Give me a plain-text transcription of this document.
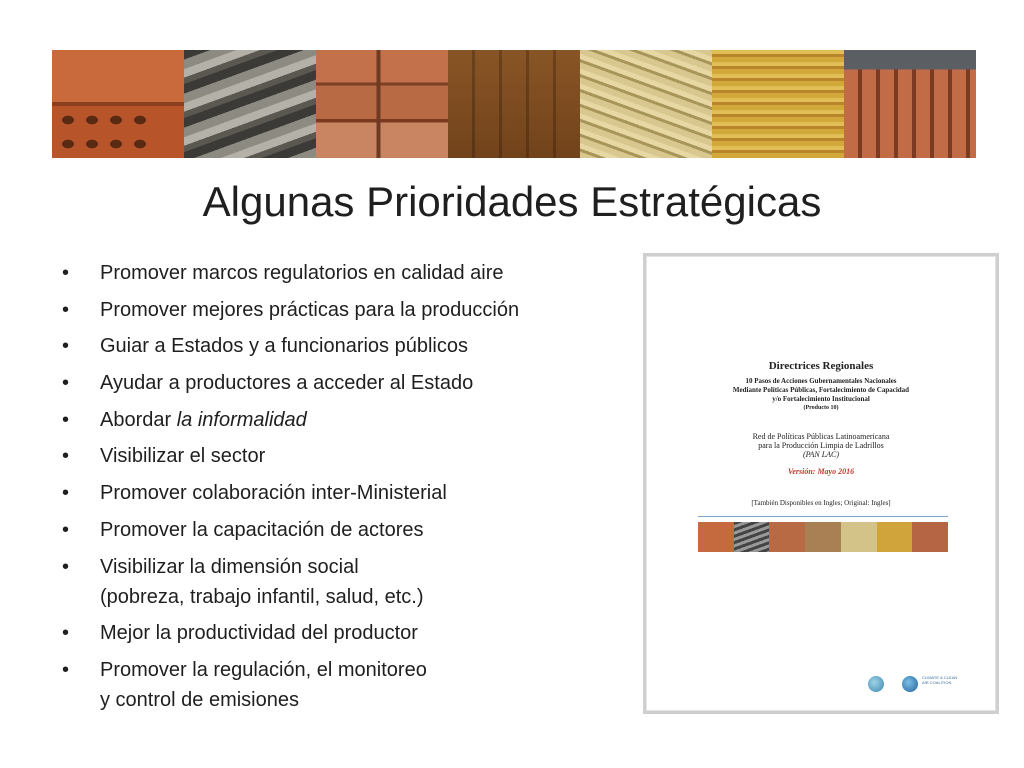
Algunas Prioridades Estratégicas
•	Promover marcos regulatorios en calidad aire
•	Promover mejores prácticas para la producción
•	Guiar a Estados y a funcionarios públicos
•	Ayudar a productores a acceder al Estado
•	Abordar la informalidad
•	Visibilizar el sector
•	Promover colaboración inter-Ministerial
•	Promover la capacitación de actores
•	Visibilizar la dimensión social
(pobreza, trabajo infantil, salud, etc.)
•	Mejor la productividad del productor
•	Promover la regulación, el monitoreo
y control de emisiones
Directrices Regionales
10 Pasos de Acciones Gubernamentales Nacionales
Mediante Políticas Públicas, Fortalecimiento de Capacidad
y/o Fortalecimiento Institucional
(Producto 10)
Red de Políticas Públicas Latinoamericana
para la Producción Limpia de Ladrillos
(PAN LAC)
Versión: Mayo 2016
[También Disponibles en Ingles; Original: Ingles]
CLIMATE & CLEAN AIR COALITION
